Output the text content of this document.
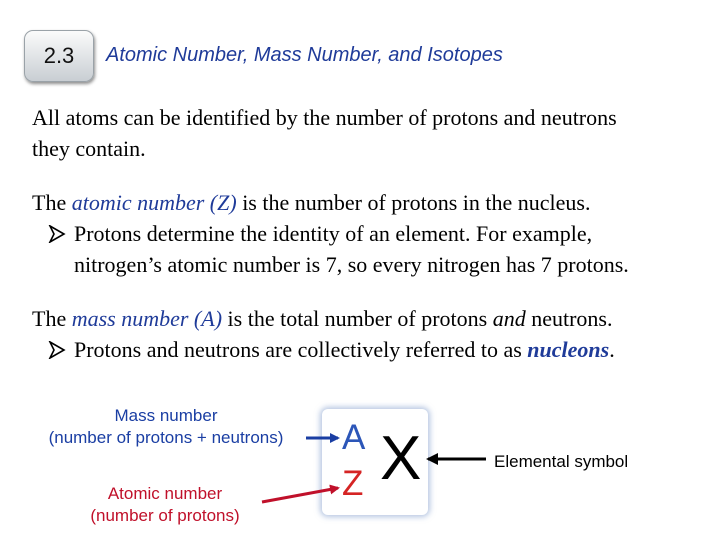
2.3 Atomic Number, Mass Number, and Isotopes
All atoms can be identified by the number of protons and neutrons
they contain.
The atomic number (Z) is the number of protons in the nucleus.
Protons determine the identity of an element. For example,
nitrogen’s atomic number is 7, so every nitrogen has 7 protons.
The mass number (A) is the total number of protons and neutrons.
Protons and neutrons are collectively referred to as nucleons.
Mass number
(number of protons + neutrons)
Atomic number
(number of protons)
A
Z X	Elemental symbol
